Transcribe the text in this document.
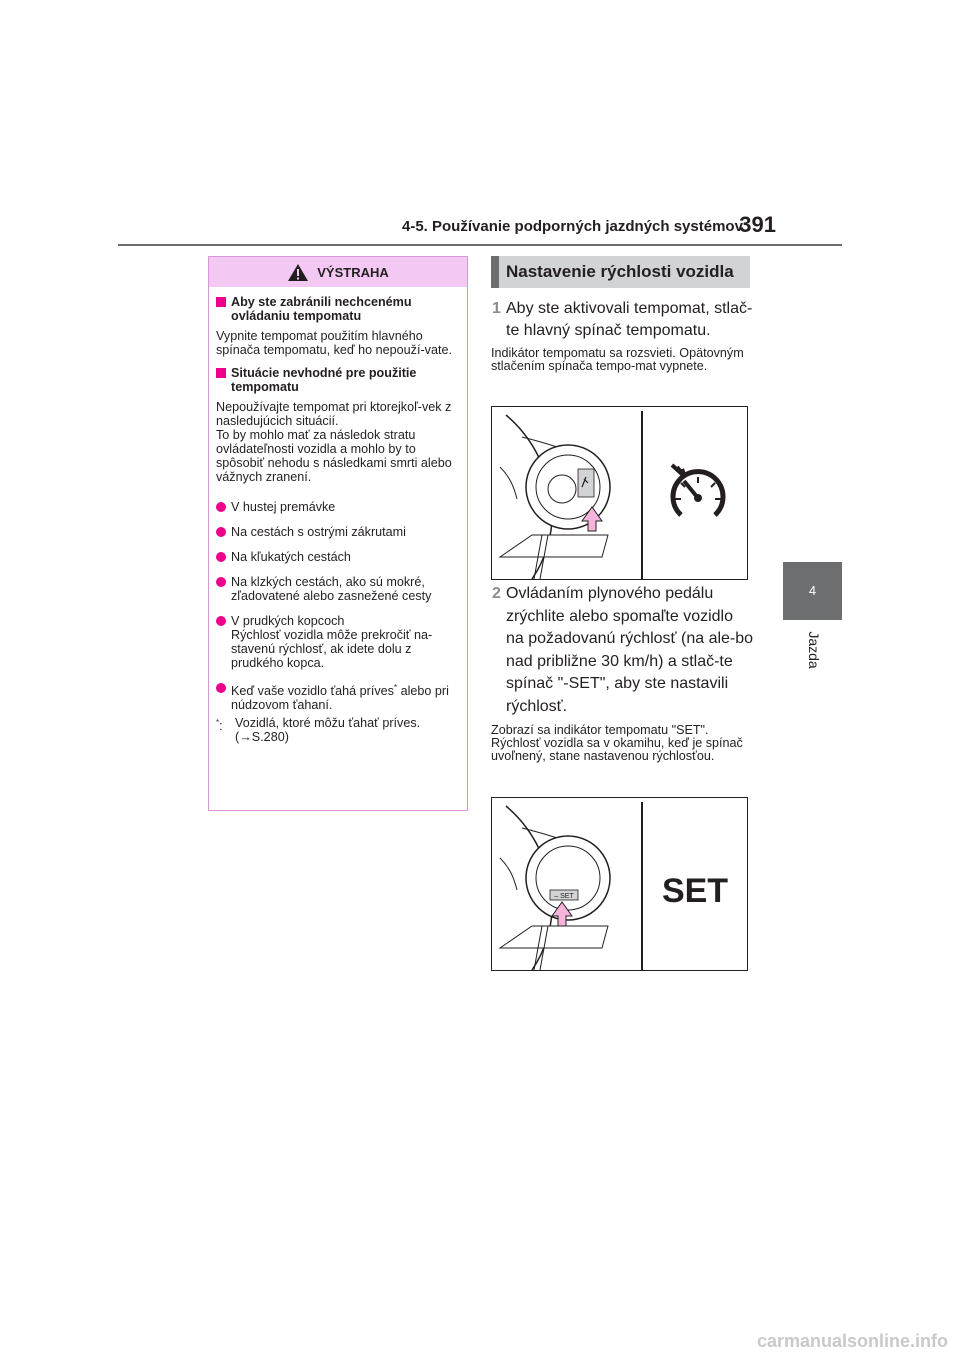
4-5. Používanie podporných jazdných systémov
391
4
Jazda
VÝSTRAHA
Aby ste zabránili nechcenému ovládaniu tempomatu

Vypnite tempomat použitím hlavného spínača tempomatu, keď ho nepouží-vate.

Situácie nevhodné pre použitie tempomatu

Nepoužívajte tempomat pri ktorejkoľ-vek z nasledujúcich situácií.

To by mohlo mať za následok stratu ovládateľnosti vozidla a mohlo by to spôsobiť nehodu s následkami smrti alebo vážnych zranení.

V hustej premávke
Na cestách s ostrými zákrutami
Na kľukatých cestách
Na klzkých cestách, ako sú mokré, zľadovatené alebo zasnežené cesty
V prudkých kopcoch
Rýchlosť vozidla môže prekročiť na-stavenú rýchlosť, ak idete dolu z prudkého kopca.
Keď vaše vozidlo ťahá príves* alebo pri núdzovom ťahaní.
*: Vozidlá, ktoré môžu ťahať príves.
(→S.280)
Nastavenie rýchlosti vozidla
1 Aby ste aktivovali tempomat, stlač-te hlavný spínač tempomatu.
Indikátor tempomatu sa rozsvieti. Opätovným stlačením spínača tempo-mat vypnete.
2 Ovládaním plynového pedálu zrýchlite alebo spomaľte vozidlo na požadovanú rýchlosť (na ale-bo nad približne 30 km/h) a stlač-te spínač "-SET", aby ste nastavili rýchlosť.
Zobrazí sa indikátor tempomatu "SET". Rýchlosť vozidla sa v okamihu, keď je spínač uvoľnený, stane nastavenou rýchlosťou.
– SET	SET
carmanualsonline.info
